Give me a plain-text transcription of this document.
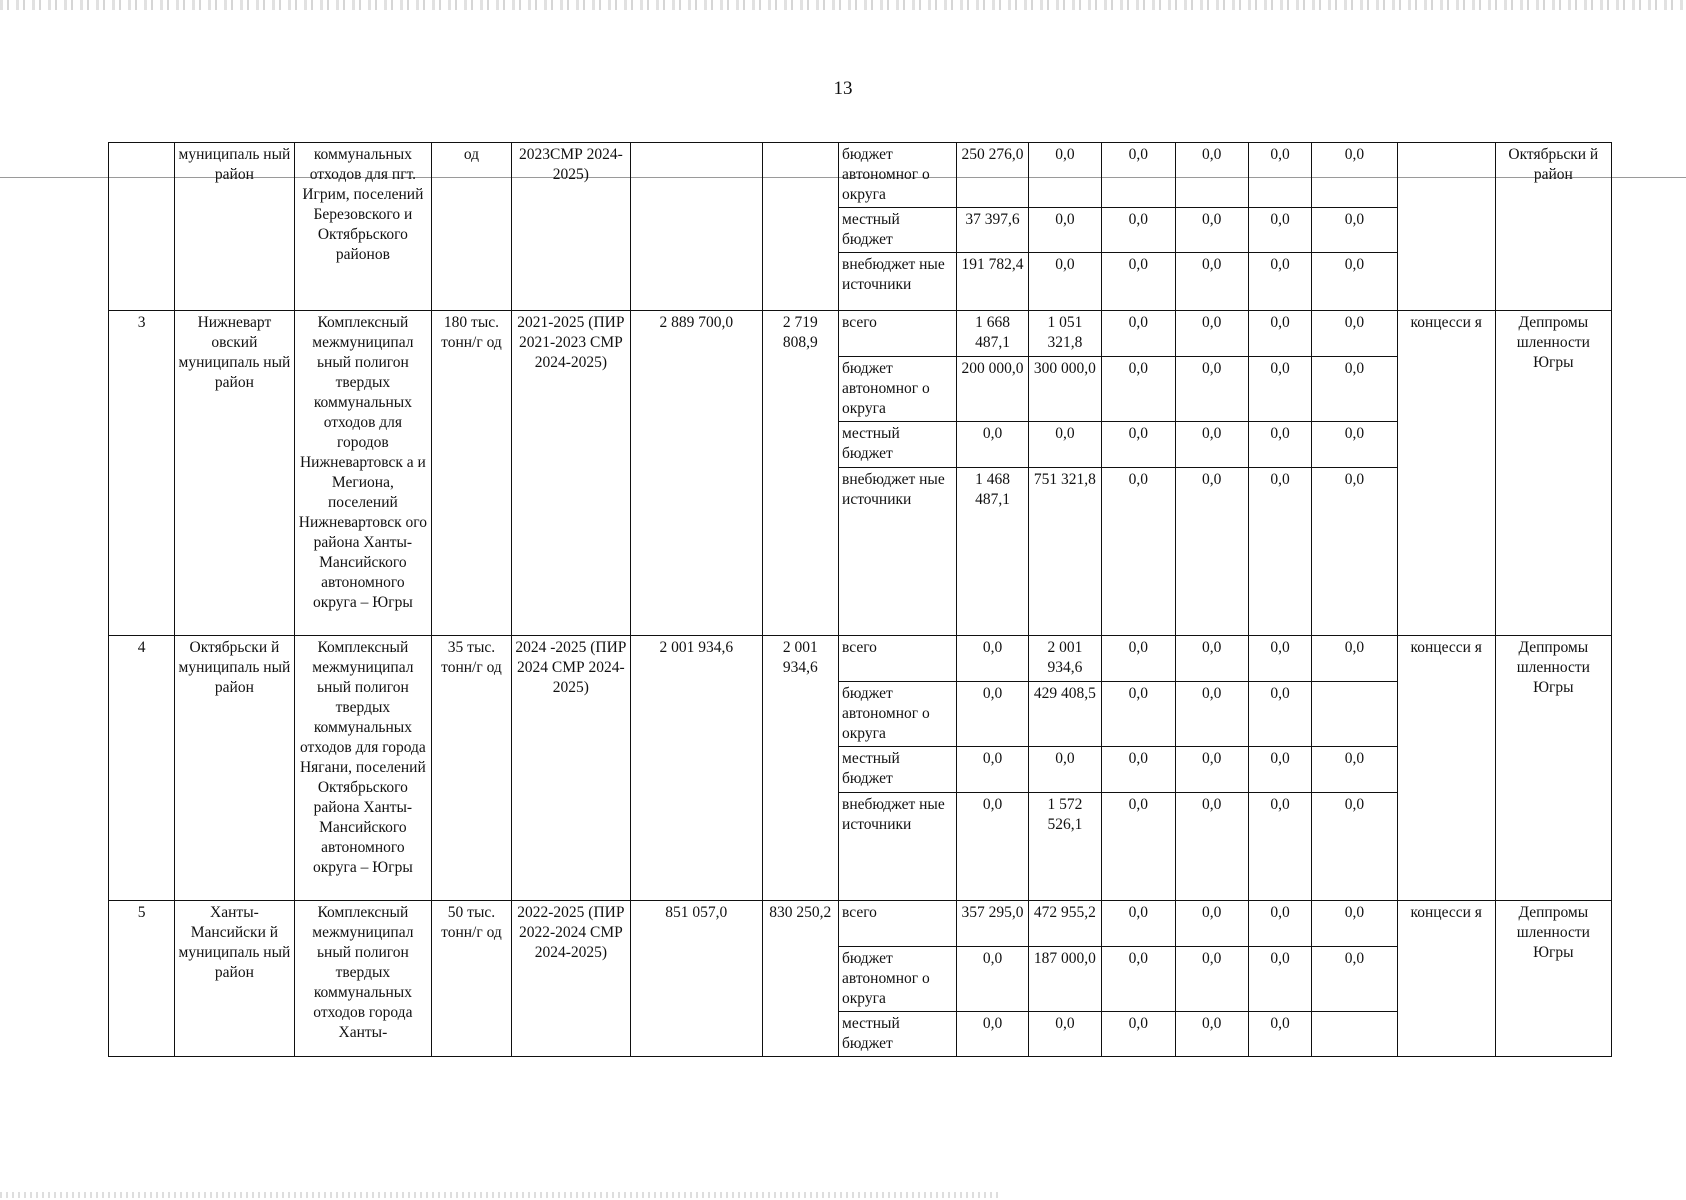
13
	муниципаль ный район	коммунальных отходов для пгт. Игрим, поселений Березовского и Октябрьского районов	од	2023СМР 2024-2025)			бюджет автономног о округа	250 276,0	0,0	0,0	0,0	0,0	0,0		Октябрьски й район
							местный бюджет	37 397,6	0,0	0,0	0,0	0,0	0,0		
							внебюджет ные источники	191 782,4	0,0	0,0	0,0	0,0	0,0		
3	Нижневарт овский муниципаль ный район	Комплексный межмуниципал ьный полигон твердых коммунальных отходов для городов Нижневартовск а и Мегиона, поселений Нижневартовск ого района Ханты-Мансийского автономного округа – Югры	180 тыс. тонн/г од	2021-2025 (ПИР 2021-2023 СМР 2024-2025)	2 889 700,0	2 719 808,9	всего	1 668 487,1	1 051 321,8	0,0	0,0	0,0	0,0	концесси я	Деппромы шленности Югры
							бюджет автономног о округа	200 000,0	300 000,0	0,0	0,0	0,0	0,0		
							местный бюджет	0,0	0,0	0,0	0,0	0,0	0,0		
							внебюджет ные источники	1 468 487,1	751 321,8	0,0	0,0	0,0	0,0		
4	Октябрьски й муниципаль ный район	Комплексный межмуниципал ьный полигон твердых коммунальных отходов для города Нягани, поселений Октябрьского района Ханты-Мансийского автономного округа – Югры	35 тыс. тонн/г од	2024 -2025 (ПИР 2024 СМР 2024-2025)	2 001 934,6	2 001 934,6	всего	0,0	2 001 934,6	0,0	0,0	0,0	0,0	концесси я	Деппромы шленности Югры
							бюджет автономног о округа	0,0	429 408,5	0,0	0,0	0,0			
							местный бюджет	0,0	0,0	0,0	0,0	0,0	0,0		
							внебюджет ные источники	0,0	1 572 526,1	0,0	0,0	0,0	0,0		
5	Ханты-Мансийски й муниципаль ный район	Комплексный межмуниципал ьный полигон твердых коммунальных отходов города Ханты-	50 тыс. тонн/г од	2022-2025 (ПИР 2022-2024 СМР 2024-2025)	851 057,0	830 250,2	всего	357 295,0	472 955,2	0,0	0,0	0,0	0,0	концесси я	Деппромы шленности Югры
							бюджет автономног о округа	0,0	187 000,0	0,0	0,0	0,0	0,0		
							местный бюджет	0,0	0,0	0,0	0,0	0,0			
